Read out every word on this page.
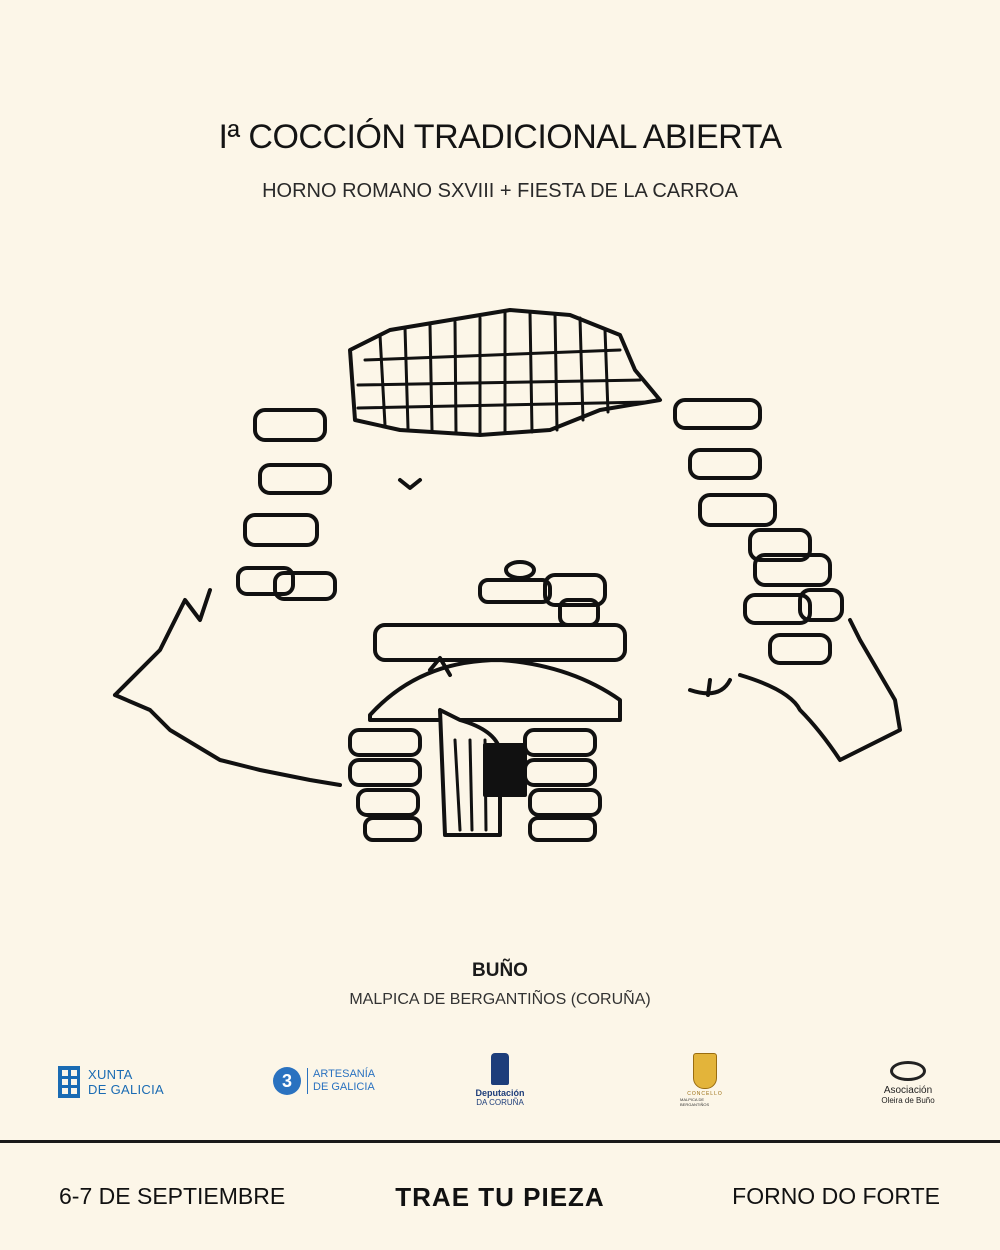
Iª COCCIÓN TRADICIONAL ABIERTA
HORNO ROMANO SXVIII + FIESTA DE LA CARROA
BUÑO
MALPICA DE BERGANTIÑOS (CORUÑA)
XUNTA
DE GALICIA	3	ARTESANÍA
DE GALICIA	Deputación
DA CORUÑA
CONCELLO
MALPICA DE BERGANTIÑOS
Asociación
Oleira de Buño
6-7 DE SEPTIEMBRE	TRAE TU PIEZA	FORNO DO FORTE
